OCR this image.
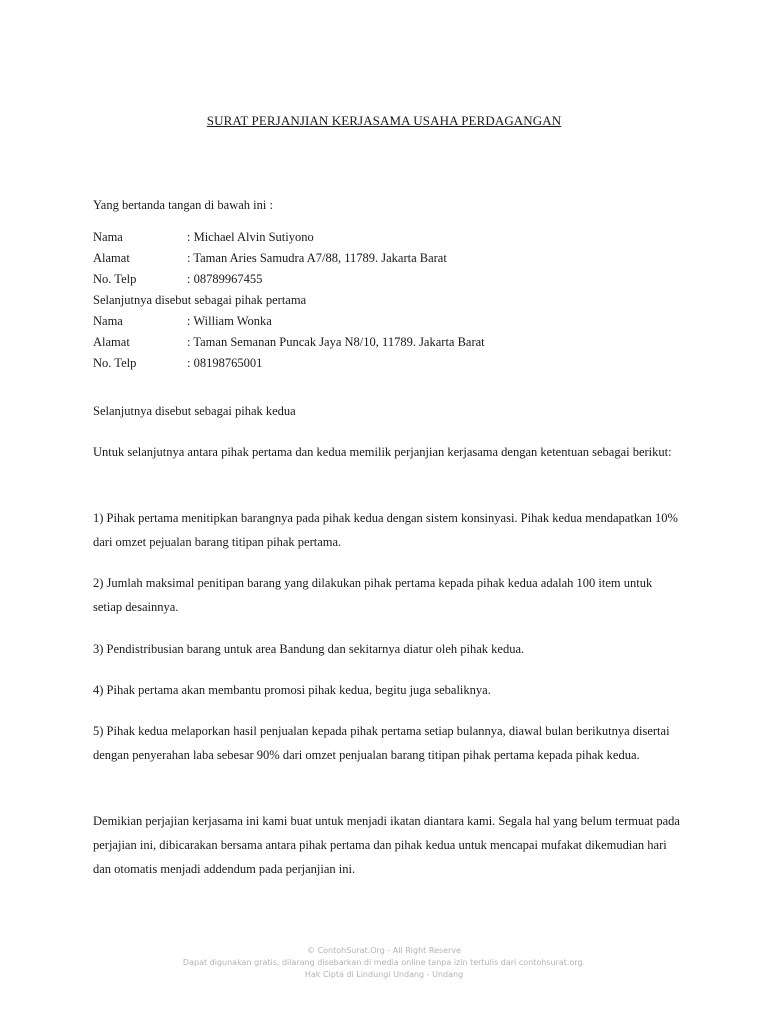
SURAT PERJANJIAN KERJASAMA USAHA PERDAGANGAN
Yang bertanda tangan di bawah ini :
Nama	: Michael Alvin Sutiyono
Alamat	: Taman Aries Samudra A7/88, 11789. Jakarta Barat
No. Telp	: 08789967455
Selanjutnya disebut sebagai pihak pertama
Nama	: William Wonka
Alamat	: Taman Semanan Puncak Jaya N8/10, 11789. Jakarta Barat
No. Telp	: 08198765001
Selanjutnya disebut sebagai pihak kedua
Untuk selanjutnya antara pihak pertama dan kedua memilik perjanjian kerjasama dengan ketentuan sebagai berikut:
1) Pihak pertama menitipkan barangnya pada pihak kedua dengan sistem konsinyasi. Pihak kedua mendapatkan 10% dari omzet pejualan barang titipan pihak pertama.
2) Jumlah maksimal penitipan barang yang dilakukan pihak pertama kepada pihak kedua adalah 100 item untuk setiap desainnya.
3) Pendistribusian barang untuk area Bandung dan sekitarnya diatur oleh pihak kedua.
4) Pihak pertama akan membantu promosi pihak kedua, begitu juga sebaliknya.
5) Pihak kedua melaporkan hasil penjualan kepada pihak pertama setiap bulannya, diawal bulan berikutnya disertai dengan penyerahan laba sebesar 90% dari omzet penjualan barang titipan pihak pertama kepada pihak kedua.
Demikian perjajian kerjasama ini kami buat untuk menjadi ikatan diantara kami. Segala hal yang belum termuat pada perjajian ini, dibicarakan bersama antara pihak pertama dan pihak kedua untuk mencapai mufakat dikemudian hari dan otomatis menjadi addendum pada perjanjian ini.
© ContohSurat.Org - All Right Reserve
Dapat digunakan gratis, dilarang disebarkan di media online tanpa izin tertulis dari contohsurat.org.
Hak Cipta di Lindungi Undang - Undang
